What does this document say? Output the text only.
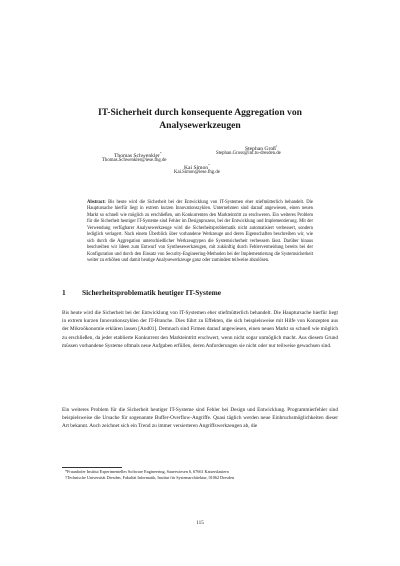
IT-Sicherheit durch konsequente Aggregation von
Analysewerkzeugen
Thomas Schwenkler*
Thomas.Schwenkler@iese.fhg.de
Stephan Groß†
Stephan.Gross@inf.tu-dresden.de
Kai Simon*
Kai.Simon@iese.fhg.de
Abstract: Bis heute wird die Sicherheit bei der Entwicklung von IT-Systemen eher stiefmütterlich behandelt. Die Hauptursache hierfür liegt in extrem kurzen Innovationszyklen. Unternehmen sind darauf angewiesen, einen neuen Markt so schnell wie möglich zu erschließen, um Konkurrenten den Markteintritt zu erschweren. Ein weiteres Problem für die Sicherheit heutiger IT-Systeme sind Fehler im Designprozess, bei der Entwicklung und Implementierung. Mit der Verwendung verfügbarer Analysewerkzeuge wird die Sicherheitsproblematik nicht automatisiert verbessert, sondern lediglich verlagert. Nach einem Überblick über vorhandene Werkzeuge und deren Eigenschaften beschreiben wir, wie sich durch die Aggregation unterschiedlicher Werkzeugtypen die Systemsicherheit verbessern lässt. Darüber hinaus beschreiben wir Ideen zum Entwurf von Synthesewerkzeugen, mit zukünftig durch Fehlervermeidung bereits bei der Konfiguration und durch den Einsatz von Security-Engineering-Methoden bei der Implementierung die Systemsicherheit weiter zu erhöhen und damit heutige Analysewerkzeuge ganz oder zumindest teilweise abzulösen.
1 Sicherheitsproblematik heutiger IT-Systeme
Bis heute wird die Sicherheit bei der Entwicklung von IT-Systemen eher stiefmütterlich behandelt. Die Hauptursache hierfür liegt in extrem kurzen Innovationszyklen der IT-Branche. Dies führt zu Effekten, die sich beispielsweise mit Hilfe von Konzepten aus der Mikroökonomie erklären lassen [And01]. Demnach sind Firmen darauf angewiesen, einen neuen Markt so schnell wie möglich zu erschließen, da jeder etablierte Konkurrent den Markteintritt erschwert, wenn nicht sogar unmöglich macht. Aus diesem Grund müssen vorhandene Systeme oftmals neue Aufgaben erfüllen, deren Anforderungen sie nicht oder nur teilweise gewachsen sind.
Ein weiteres Problem für die Sicherheit heutiger IT-Systeme sind Fehler bei Design und Entwicklung. Programmierfehler sind beispielsweise die Ursache für sogenannte Buffer-Overflow-Angriffe. Quasi täglich werden neue Einbruchsmöglichkeiten dieser Art bekannt. Auch zeichnet sich ein Trend zu immer versierteren Angriffswerkzeugen ab, die
*Fraunhofer Institut Experimentelles Software Engineering, Sauerwiesen 6, 67661 Kaiserslautern
†Technische Universität Dresden, Fakultät Informatik, Institut für Systemarchitektur, 01062 Dresden
115
